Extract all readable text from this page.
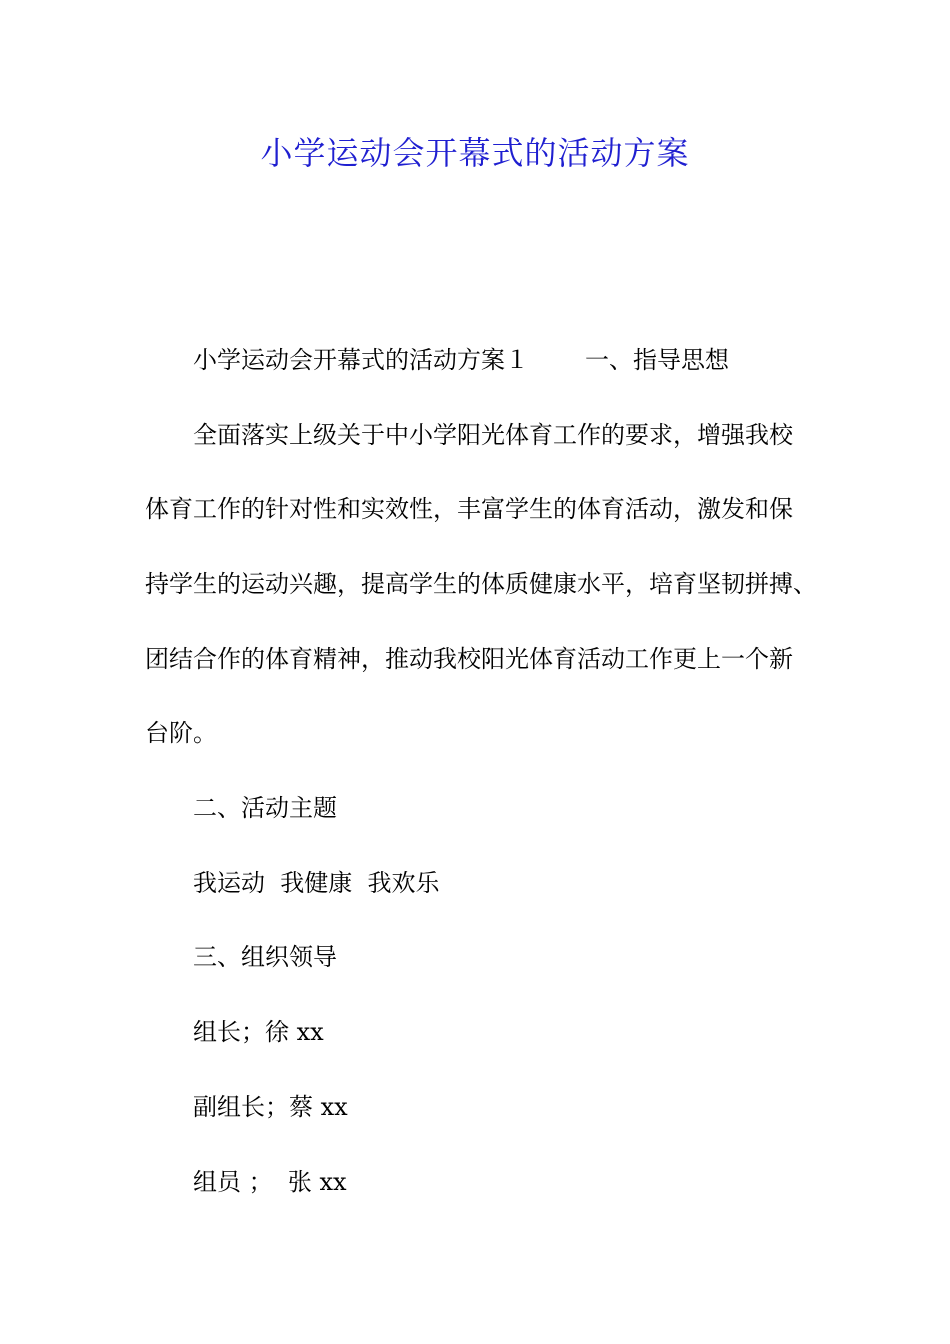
小学运动会开幕式的活动方案

小学运动会开幕式的活动方案１ 一、指导思想

全面落实上级关于中小学阳光体育工作的要求，增强我校

体育工作的针对性和实效性，丰富学生的体育活动，激发和保

持学生的运动兴趣，提高学生的体质健康水平，培育坚韧拼搏、

团结合作的体育精神，推动我校阳光体育活动工作更上一个新

台阶。

二、活动主题

我运动  我健康  我欢乐

三、组织领导

组长；徐 xx

副组长；蔡 xx

组员 ；  张 xx
